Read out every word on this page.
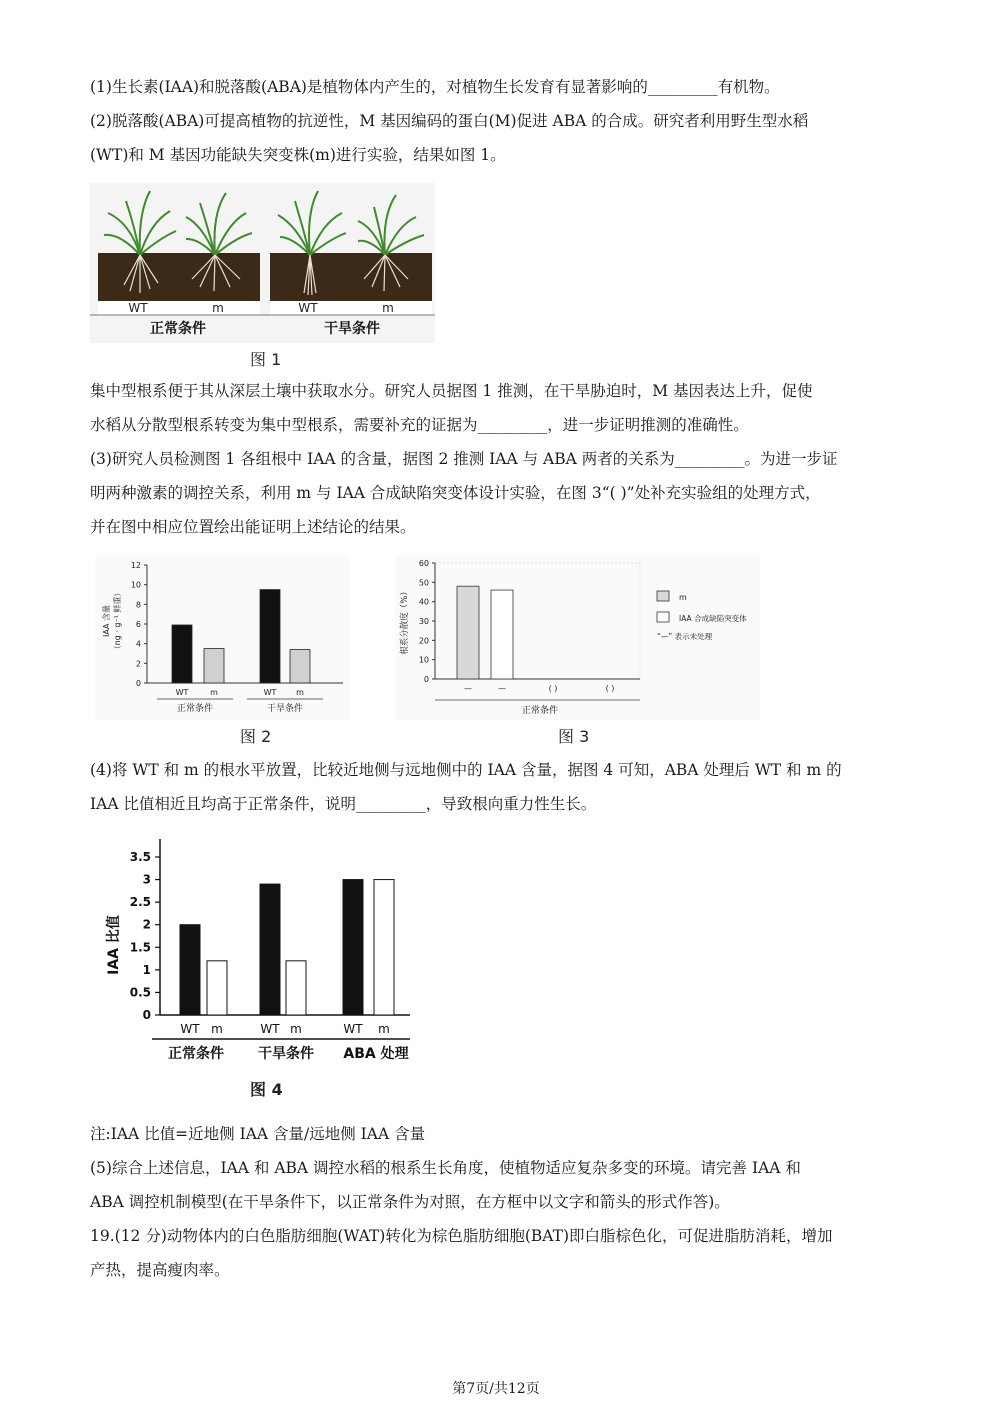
(1)生长素(IAA)和脱落酸(ABA)是植物体内产生的，对植物生长发育有显著影响的_________有机物。
(2)脱落酸(ABA)可提高植物的抗逆性，M 基因编码的蛋白(M)促进 ABA 的合成。研究者利用野生型水稻
(WT)和 M 基因功能缺失突变株(m)进行实验，结果如图 1。
WT	m	WT	m
正常条件	干旱条件
图 1
集中型根系便于其从深层土壤中获取水分。研究人员据图 1 推测，在干旱胁迫时，M 基因表达上升，促使
水稻从分散型根系转变为集中型根系，需要补充的证据为_________，进一步证明推测的准确性。
(3)研究人员检测图 1 各组根中 IAA 的含量，据图 2 推测 IAA 与 ABA 两者的关系为_________。为进一步证
明两种激素的调控关系，利用 m 与 IAA 合成缺陷突变体设计实验，在图 3“( )”处补充实验组的处理方式，
并在图中相应位置绘出能证明上述结论的结果。
IAA 含量 （ng · g⁻¹ 鲜重）
0
2
4
6
8
10
12
WT	m	WT m
正常条件	干旱条件
图 2
根系分散度（%）
0
10
20
30
40
50
60
—	—	( )	( )
m
IAA 合成缺陷突变体
“—” 表示未处理
正常条件
图 3
(4)将 WT 和 m 的根水平放置，比较近地侧与远地侧中的 IAA 含量，据图 4 可知，ABA 处理后 WT 和 m 的
IAA 比值相近且均高于正常条件，说明_________，导致根向重力性生长。
IAA 比值
0
0.5
1
1.5
2
2.5
3
3.5
WT m	WT m	WT m
正常条件 干旱条件 ABA 处理
图 4
注:IAA 比值=近地侧 IAA 含量/远地侧 IAA 含量
(5)综合上述信息，IAA 和 ABA 调控水稻的根系生长角度，使植物适应复杂多变的环境。请完善 IAA 和
ABA 调控机制模型(在干旱条件下，以正常条件为对照，在方框中以文字和箭头的形式作答)。
19.(12 分)动物体内的白色脂肪细胞(WAT)转化为棕色脂肪细胞(BAT)即白脂棕色化，可促进脂肪消耗，增加
产热，提高瘦肉率。
第7页/共12页
